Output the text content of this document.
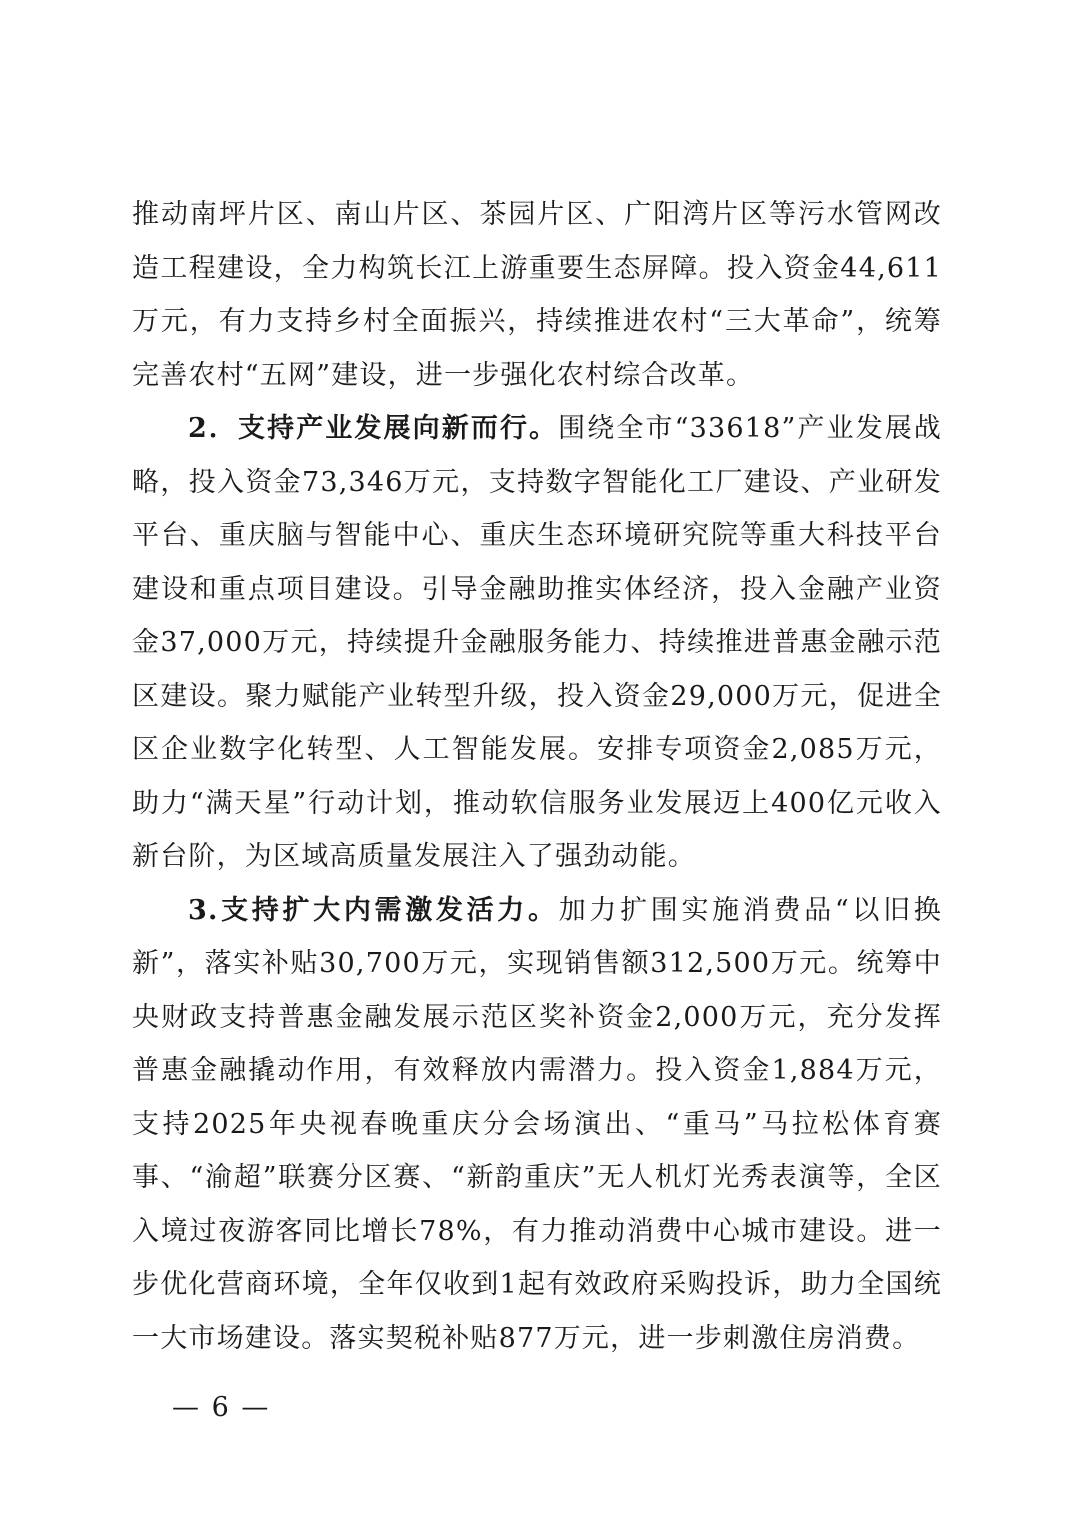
推动南坪片区、南山片区、茶园片区、广阳湾片区等污水管网改造工程建设，全力构筑长江上游重要生态屏障。投入资金44,611万元，有力支持乡村全面振兴，持续推进农村“三大革命”，统筹完善农村“五网”建设，进一步强化农村综合改革。

2．支持产业发展向新而行。围绕全市“33618”产业发展战略，投入资金73,346万元，支持数字智能化工厂建设、产业研发平台、重庆脑与智能中心、重庆生态环境研究院等重大科技平台建设和重点项目建设。引导金融助推实体经济，投入金融产业资金37,000万元，持续提升金融服务能力、持续推进普惠金融示范区建设。聚力赋能产业转型升级，投入资金29,000万元，促进全区企业数字化转型、人工智能发展。安排专项资金2,085万元，助力“满天星”行动计划，推动软信服务业发展迈上400亿元收入新台阶，为区域高质量发展注入了强劲动能。

3.支持扩大内需激发活力。加力扩围实施消费品“以旧换新”，落实补贴30,700万元，实现销售额312,500万元。统筹中央财政支持普惠金融发展示范区奖补资金2,000万元，充分发挥普惠金融撬动作用，有效释放内需潜力。投入资金1,884万元，支持2025年央视春晚重庆分会场演出、“重马”马拉松体育赛事、“渝超”联赛分区赛、“新韵重庆”无人机灯光秀表演等，全区入境过夜游客同比增长78%，有力推动消费中心城市建设。进一步优化营商环境，全年仅收到1起有效政府采购投诉，助力全国统一大市场建设。落实契税补贴877万元，进一步刺激住房消费。

— 6 —
